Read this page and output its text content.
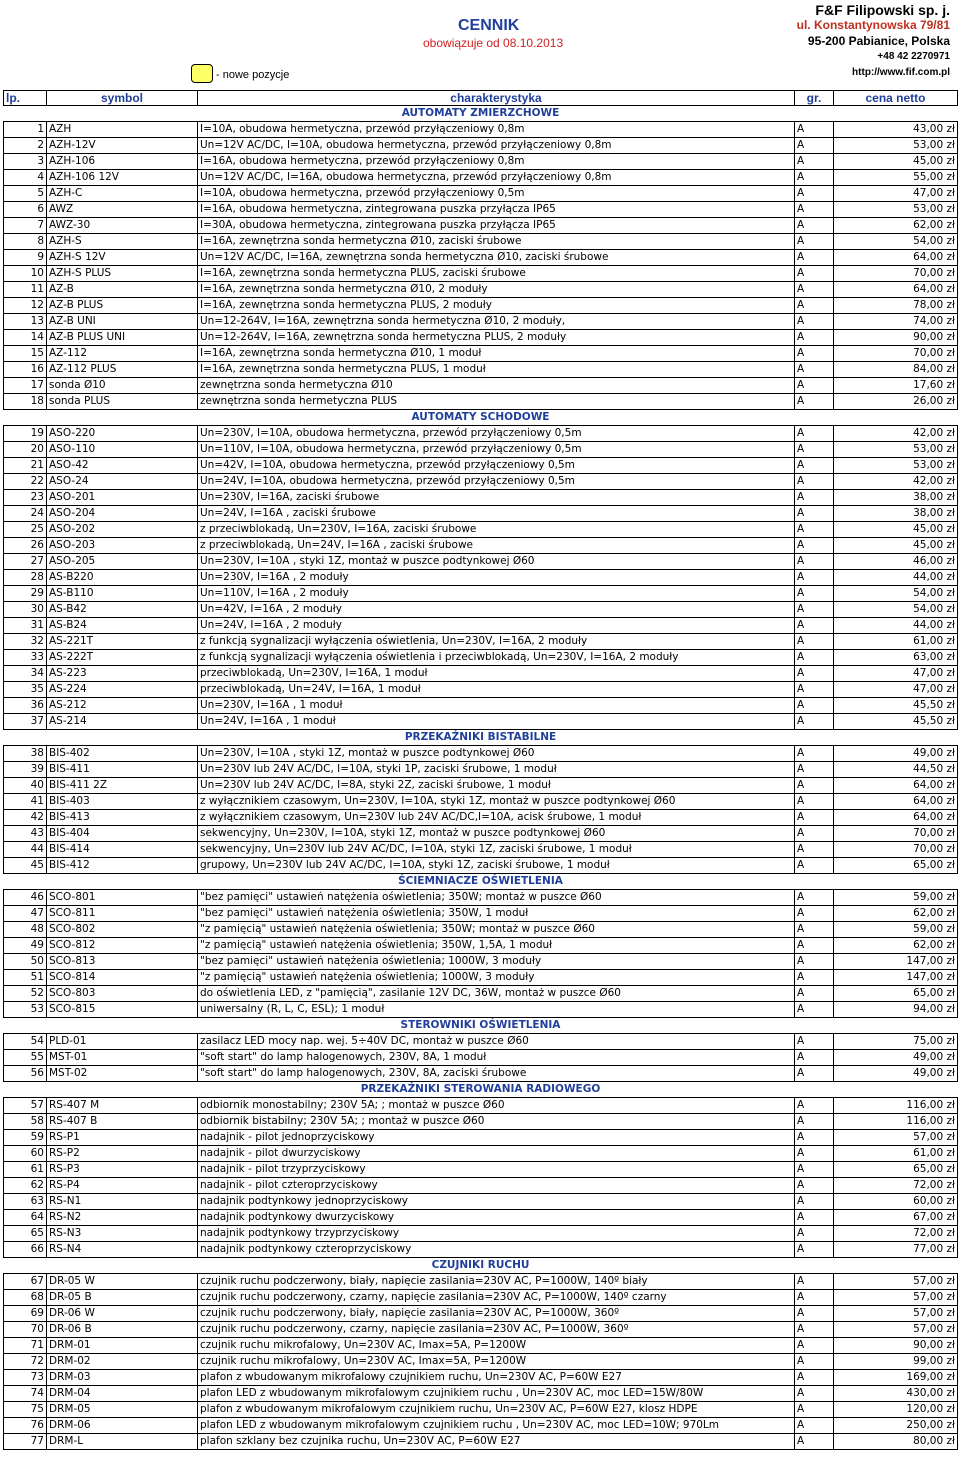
CENNIK
obowiązuje od 08.10.2013
- nowe pozycje
F&F Filipowski sp. j.
ul. Konstantynowska 79/81
95-200 Pabianice, Polska
+48 42 2270971
http://www.fif.com.pl
lp.	symbol	charakterystyka	gr.	cena netto
AUTOMATY ZMIERZCHOWE				
1	AZH	I=10A, obudowa hermetyczna, przewód przyłączeniowy 0,8m	A	43,00 zł
2	AZH-12V	Un=12V AC/DC, I=10A, obudowa hermetyczna, przewód przyłączeniowy 0,8m	A	53,00 zł
3	AZH-106	I=16A, obudowa hermetyczna, przewód przyłączeniowy 0,8m	A	45,00 zł
4	AZH-106 12V	Un=12V AC/DC, I=16A, obudowa hermetyczna, przewód przyłączeniowy 0,8m	A	55,00 zł
5	AZH-C	I=10A, obudowa hermetyczna, przewód przyłączeniowy 0,5m	A	47,00 zł
6	AWZ	I=16A, obudowa hermetyczna, zintegrowana puszka przyłącza IP65	A	53,00 zł
7	AWZ-30	I=30A, obudowa hermetyczna, zintegrowana puszka przyłącza IP65	A	62,00 zł
8	AZH-S	I=16A, zewnętrzna sonda hermetyczna Ø10, zaciski śrubowe	A	54,00 zł
9	AZH-S 12V	Un=12V AC/DC, I=16A, zewnętrzna sonda hermetyczna Ø10, zaciski śrubowe	A	64,00 zł
10	AZH-S PLUS	I=16A, zewnętrzna sonda hermetyczna PLUS, zaciski śrubowe	A	70,00 zł
11	AZ-B	I=16A, zewnętrzna sonda hermetyczna Ø10, 2 moduły	A	64,00 zł
12	AZ-B PLUS	I=16A, zewnętrzna sonda hermetyczna PLUS, 2 moduły	A	78,00 zł
13	AZ-B UNI	Un=12-264V, I=16A, zewnętrzna sonda hermetyczna Ø10, 2 moduły,	A	74,00 zł
14	AZ-B PLUS UNI	Un=12-264V, I=16A, zewnętrzna sonda hermetyczna PLUS, 2 moduły	A	90,00 zł
15	AZ-112	I=16A, zewnętrzna sonda hermetyczna Ø10, 1 moduł	A	70,00 zł
16	AZ-112 PLUS	I=16A, zewnętrzna sonda hermetyczna PLUS, 1 moduł	A	84,00 zł
17	sonda Ø10	zewnętrzna sonda hermetyczna Ø10	A	17,60 zł
18	sonda PLUS	zewnętrzna sonda hermetyczna PLUS	A	26,00 zł
AUTOMATY SCHODOWE				
19	ASO-220	Un=230V, I=10A, obudowa hermetyczna, przewód przyłączeniowy 0,5m	A	42,00 zł
20	ASO-110	Un=110V, I=10A, obudowa hermetyczna, przewód przyłączeniowy 0,5m	A	53,00 zł
21	ASO-42	Un=42V, I=10A, obudowa hermetyczna, przewód przyłączeniowy 0,5m	A	53,00 zł
22	ASO-24	Un=24V, I=10A, obudowa hermetyczna, przewód przyłączeniowy 0,5m	A	42,00 zł
23	ASO-201	Un=230V, I=16A, zaciski śrubowe	A	38,00 zł
24	ASO-204	Un=24V, I=16A , zaciski śrubowe	A	38,00 zł
25	ASO-202	z przeciwblokadą, Un=230V, I=16A, zaciski śrubowe	A	45,00 zł
26	ASO-203	z przeciwblokadą, Un=24V, I=16A , zaciski śrubowe	A	45,00 zł
27	ASO-205	Un=230V, I=10A , styki 1Z, montaż w puszce podtynkowej Ø60	A	46,00 zł
28	AS-B220	Un=230V, I=16A , 2 moduły	A	44,00 zł
29	AS-B110	Un=110V, I=16A , 2 moduły	A	54,00 zł
30	AS-B42	Un=42V, I=16A , 2 moduły	A	54,00 zł
31	AS-B24	Un=24V, I=16A , 2 moduły	A	44,00 zł
32	AS-221T	z funkcją sygnalizacji wyłączenia oświetlenia, Un=230V, I=16A, 2 moduły	A	61,00 zł
33	AS-222T	z funkcją sygnalizacji wyłączenia oświetlenia i przeciwblokadą, Un=230V, I=16A, 2 moduły	A	63,00 zł
34	AS-223	przeciwblokadą, Un=230V, I=16A, 1 moduł	A	47,00 zł
35	AS-224	przeciwblokadą, Un=24V, I=16A, 1 moduł	A	47,00 zł
36	AS-212	Un=230V, I=16A , 1 moduł	A	45,50 zł
37	AS-214	Un=24V, I=16A , 1 moduł	A	45,50 zł
PRZEKAŹNIKI BISTABILNE				
38	BIS-402	Un=230V, I=10A , styki 1Z, montaż w puszce podtynkowej Ø60	A	49,00 zł
39	BIS-411	Un=230V lub 24V AC/DC, I=10A, styki 1P, zaciski śrubowe, 1 moduł	A	44,50 zł
40	BIS-411 2Z	Un=230V lub 24V AC/DC, I=8A, styki 2Z, zaciski śrubowe, 1 moduł	A	64,00 zł
41	BIS-403	z wyłącznikiem czasowym, Un=230V, I=10A, styki 1Z, montaż w puszce podtynkowej Ø60	A	64,00 zł
42	BIS-413	z wyłącznikiem czasowym, Un=230V lub 24V AC/DC,I=10A, acisk śrubowe, 1 moduł	A	64,00 zł
43	BIS-404	sekwencyjny, Un=230V, I=10A, styki 1Z, montaż w puszce podtynkowej Ø60	A	70,00 zł
44	BIS-414	sekwencyjny, Un=230V lub 24V AC/DC, I=10A, styki 1Z, zaciski śrubowe, 1 moduł	A	70,00 zł
45	BIS-412	grupowy, Un=230V lub 24V AC/DC, I=10A, styki 1Z, zaciski śrubowe, 1 moduł	A	65,00 zł
ŚCIEMNIACZE OŚWIETLENIA				
46	SCO-801	"bez pamięci" ustawień natężenia oświetlenia; 350W; montaż w puszce Ø60	A	59,00 zł
47	SCO-811	"bez pamięci" ustawień natężenia oświetlenia; 350W, 1 moduł	A	62,00 zł
48	SCO-802	"z pamięcią" ustawień natężenia oświetlenia; 350W; montaż w puszce Ø60	A	59,00 zł
49	SCO-812	"z pamięcią" ustawień natężenia oświetlenia; 350W, 1,5A, 1 moduł	A	62,00 zł
50	SCO-813	"bez pamięci" ustawień natężenia oświetlenia; 1000W, 3 moduły	A	147,00 zł
51	SCO-814	"z pamięcią" ustawień natężenia oświetlenia; 1000W, 3 moduły	A	147,00 zł
52	SCO-803	do oświetlenia LED, z "pamięcią", zasilanie 12V DC, 36W, montaż w puszce Ø60	A	65,00 zł
53	SCO-815	uniwersalny (R, L, C, ESL); 1 moduł	A	94,00 zł
STEROWNIKI OŚWIETLENIA				
54	PLD-01	zasilacz LED mocy nap. wej. 5÷40V DC, montaż w puszce Ø60	A	75,00 zł
55	MST-01	"soft start" do lamp halogenowych, 230V, 8A, 1 moduł	A	49,00 zł
56	MST-02	"soft start" do lamp halogenowych, 230V, 8A, zaciski śrubowe	A	49,00 zł
PRZEKAŹNIKI STEROWANIA RADIOWEGO				
57	RS-407 M	odbiornik monostabilny; 230V 5A; ; montaż w puszce Ø60	A	116,00 zł
58	RS-407 B	odbiornik bistabilny; 230V 5A; ; montaż w puszce Ø60	A	116,00 zł
59	RS-P1	nadajnik - pilot jednoprzyciskowy	A	57,00 zł
60	RS-P2	nadajnik - pilot dwurzyciskowy	A	61,00 zł
61	RS-P3	nadajnik - pilot trzyprzyciskowy	A	65,00 zł
62	RS-P4	nadajnik - pilot czteroprzyciskowy	A	72,00 zł
63	RS-N1	nadajnik podtynkowy jednoprzyciskowy	A	60,00 zł
64	RS-N2	nadajnik podtynkowy dwurzyciskowy	A	67,00 zł
65	RS-N3	nadajnik podtynkowy trzyprzyciskowy	A	72,00 zł
66	RS-N4	nadajnik podtynkowy czteroprzyciskowy	A	77,00 zł
CZUJNIKI RUCHU				
67	DR-05 W	czujnik ruchu podczerwony, biały, napięcie zasilania=230V AC, P=1000W, 140º biały	A	57,00 zł
68	DR-05 B	czujnik ruchu podczerwony, czarny, napięcie zasilania=230V AC, P=1000W, 140º czarny	A	57,00 zł
69	DR-06 W	czujnik ruchu podczerwony, biały, napięcie zasilania=230V AC, P=1000W, 360º	A	57,00 zł
70	DR-06 B	czujnik ruchu podczerwony, czarny, napięcie zasilania=230V AC, P=1000W, 360º	A	57,00 zł
71	DRM-01	czujnik ruchu mikrofalowy, Un=230V AC, Imax=5A, P=1200W	A	90,00 zł
72	DRM-02	czujnik ruchu mikrofalowy, Un=230V AC, Imax=5A, P=1200W	A	99,00 zł
73	DRM-03	plafon z wbudowanym mikrofalowy czujnikiem ruchu, Un=230V AC, P=60W E27	A	169,00 zł
74	DRM-04	plafon LED z wbudowanym mikrofalowym czujnikiem ruchu , Un=230V AC, moc LED=15W/80W	A	430,00 zł
75	DRM-05	plafon z wbudowanym mikrofalowym czujnikiem ruchu, Un=230V AC, P=60W E27, klosz HDPE	A	120,00 zł
76	DRM-06	plafon LED z wbudowanym mikrofalowym czujnikiem ruchu , Un=230V AC, moc LED=10W; 970Lm	A	250,00 zł
77	DRM-L	plafon szklany bez czujnika ruchu, Un=230V AC, P=60W E27	A	80,00 zł
